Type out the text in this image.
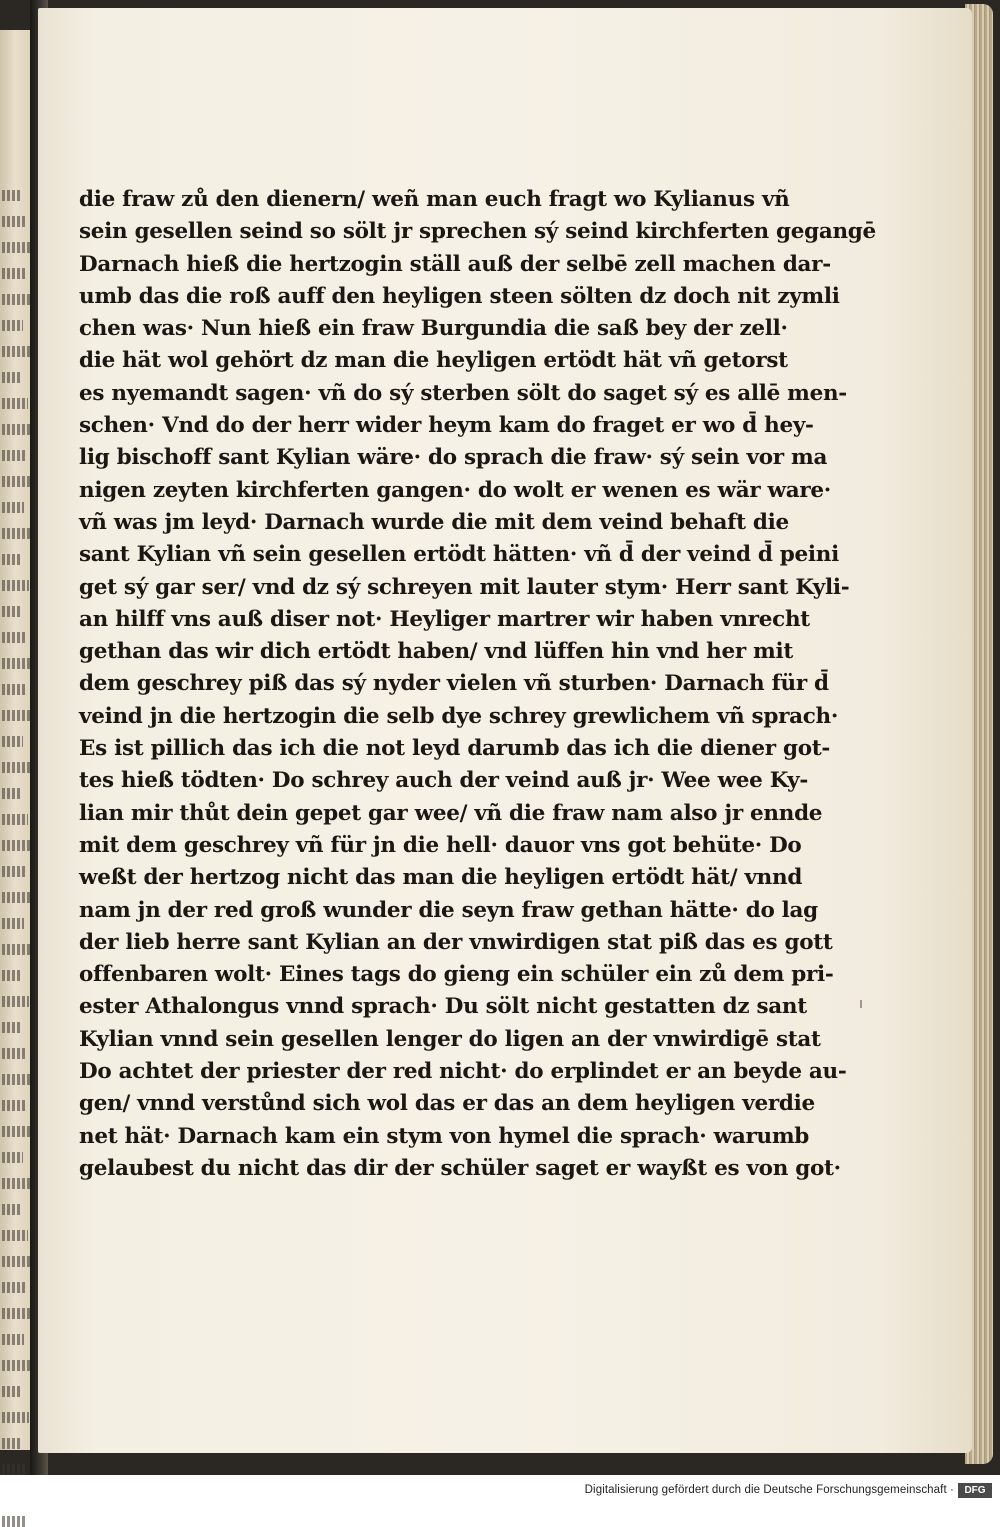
die fraw zů den dienern/ weñ man euch fragt wo Kylianus vñ
sein gesellen seind so sölt jr sprechen sý seind kirchferten gegangē
Darnach hieß die hertzogin ställ auß der selbē zell machen dar-
umb das die roß auff den heyligen steen sölten dz doch nit zymli
chen was· Nun hieß ein fraw Burgundia die saß bey der zell·
die hät wol gehört dz man die heyligen ertödt hät vñ getorst
es nyemandt sagen· vñ do sý sterben sölt do saget sý es allē men-
schen· Vnd do der herr wider heym kam do fraget er wo d̄ hey-
lig bischoff sant Kylian wäre· do sprach die fraw· sý sein vor ma
nigen zeyten kirchferten gangen· do wolt er wenen es wär ware·
vñ was jm leyd· Darnach wurde die mit dem veind behaft die
sant Kylian vñ sein gesellen ertödt hätten· vñ d̄ der veind d̄ peini
get sý gar ser/ vnd dz sý schreyen mit lauter stym· Herr sant Kyli-
an hilff vns auß diser not· Heyliger martrer wir haben vnrecht
gethan das wir dich ertödt haben/ vnd lüffen hin vnd her mit
dem geschrey piß das sý nyder vielen vñ sturben· Darnach für d̄
veind jn die hertzogin die selb dye schrey grewlichem vñ sprach·
Es ist pillich das ich die not leyd darumb das ich die diener got-
tes hieß tödten· Do schrey auch der veind auß jr· Wee wee Ky-
lian mir thůt dein gepet gar wee/ vñ die fraw nam also jr ennde
mit dem geschrey vñ für jn die hell· dauor vns got behüte· Do
weßt der hertzog nicht das man die heyligen ertödt hät/ vnnd
nam jn der red groß wunder die seyn fraw gethan hätte· do lag
der lieb herre sant Kylian an der vnwirdigen stat piß das es gott
offenbaren wolt· Eines tags do gieng ein schüler ein zů dem pri-
ester Athalongus vnnd sprach· Du sölt nicht gestatten dz sant
Kylian vnnd sein gesellen lenger do ligen an der vnwirdigē stat
Do achtet der priester der red nicht· do erplindet er an beyde au-
gen/ vnnd verstůnd sich wol das er das an dem heyligen verdie
net hät· Darnach kam ein stym von hymel die sprach· warumb
gelaubest du nicht das dir der schüler saget er wayßt es von got·
Digitalisierung gefördert durch die Deutsche Forschungsgemeinschaft ·	DFG
